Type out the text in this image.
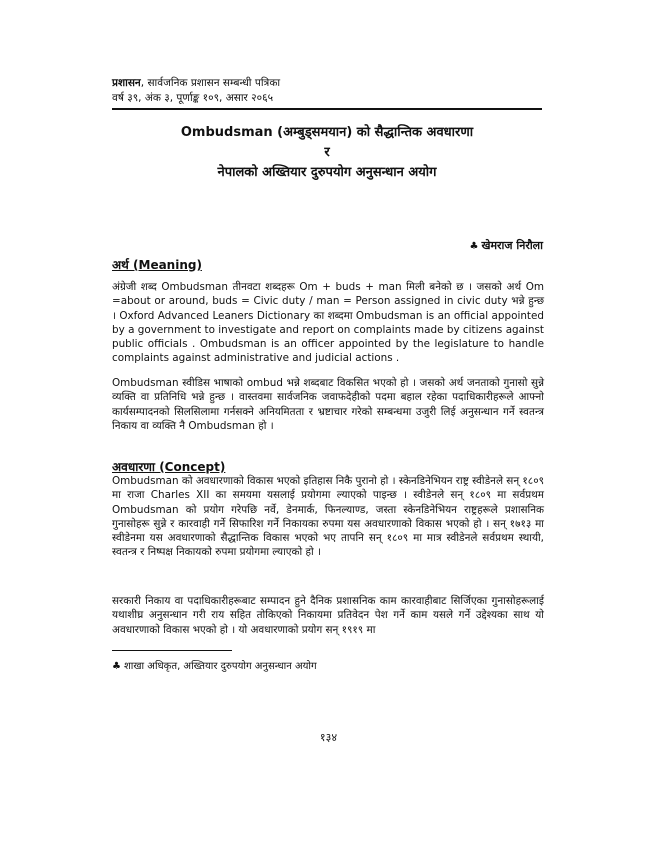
प्रशासन, सार्वजनिक प्रशासन सम्बन्धी पत्रिका
वर्ष ३९, अंक ३, पूर्णाङ्क १०९, असार २०६५
Ombudsman (अम्बुड्समयान) को सैद्धान्तिक अवधारणा
र
नेपालको अख्तियार दुरुपयोग अनुसन्धान अयोग
♣ खेमराज निरौला
अर्थ (Meaning)
अंग्रेजी शब्द Ombudsman तीनवटा शब्दहरू Om + buds + man मिली बनेको छ । जसको अर्थ Om =about or around, buds = Civic duty / man = Person assigned in civic duty भन्ने हुन्छ । Oxford Advanced Leaners Dictionary का शब्दमा Ombudsman is an official appointed by a government to investigate and report on complaints made by citizens against public officials . Ombudsman is an officer appointed by the legislature to handle complaints against administrative and judicial actions .
Ombudsman स्वीडिस भाषाको ombud भन्ने शब्दबाट विकसित भएको हो । जसको अर्थ जनताको गुनासो सुन्ने व्यक्ति वा प्रतिनिधि भन्ने हुन्छ । वास्तवमा सार्वजनिक जवाफदेहीको पदमा बहाल रहेका पदाधिकारीहरूले आफ्नो कार्यसम्पादनको सिलसिलामा गर्नसक्ने अनियमितता र भ्रष्टाचार गरेको सम्बन्धमा उजुरी लिई अनुसन्धान गर्ने स्वतन्त्र निकाय वा व्यक्ति नै Ombudsman हो ।
अवधारणा (Concept)
Ombudsman को अवधारणाको विकास भएको इतिहास निकै पुरानो हो । स्केनडिनेभियन राष्ट्र स्वीडेनले सन् १८०९ मा राजा Charles XII का समयमा यसलाई प्रयोगमा ल्याएको पाइन्छ । स्वीडेनले सन् १८०९ मा सर्वप्रथम Ombudsman को प्रयोग गरेपछि नर्वे, डेनमार्क, फिनल्याण्ड, जस्ता स्केनडिनेभियन राष्ट्रहरूले प्रशासनिक गुनासोहरू सुन्ने र कारवाही गर्ने सिफारिश गर्ने निकायका रुपमा यस अवधारणाको विकास भएको हो । सन् १७१३ मा स्वीडेनमा यस अवधारणाको सैद्धान्तिक विकास भएको भए तापनि सन् १८०९ मा मात्र स्वीडेनले सर्वप्रथम स्थायी, स्वतन्त्र र निष्पक्ष निकायको रुपमा प्रयोगमा ल्याएको हो ।
सरकारी निकाय वा पदाधिकारीहरूबाट सम्पादन हुने दैनिक प्रशासनिक काम कारवाहीबाट सिर्जिएका गुनासोहरूलाई यथाशीघ्र अनुसन्धान गरी राय सहित तोकिएको निकायमा प्रतिवेदन पेश गर्ने काम यसले गर्ने उद्देश्यका साथ यो अवधारणाको विकास भएको हो । यो अवधारणाको प्रयोग सन् १९१९ मा
♣ शाखा अधिकृत, अख्तियार दुरुपयोग अनुसन्धान अयोग
१३४
